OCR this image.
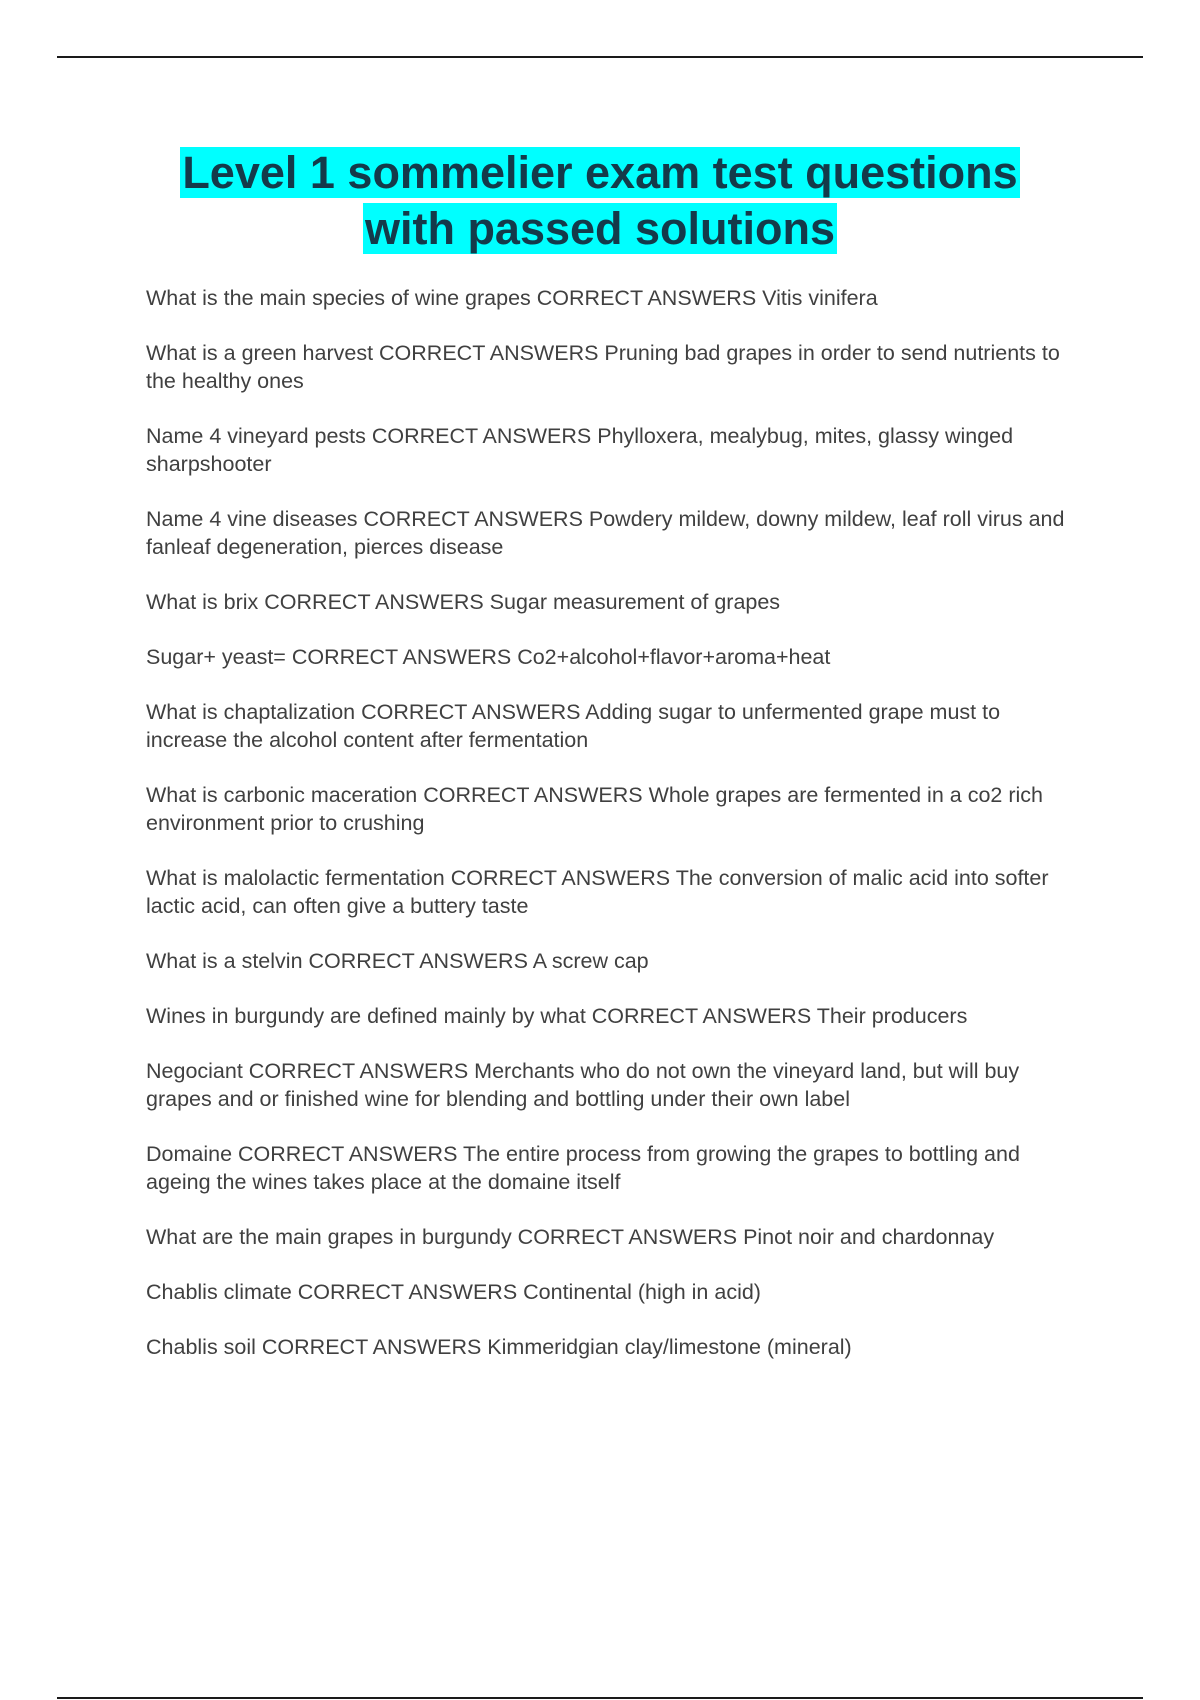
Level 1 sommelier exam test questions
with passed solutions
What is the main species of wine grapes CORRECT ANSWERS Vitis vinifera
What is a green harvest CORRECT ANSWERS Pruning bad grapes in order to send nutrients to the healthy ones
Name 4 vineyard pests CORRECT ANSWERS Phylloxera, mealybug, mites, glassy winged sharpshooter
Name 4 vine diseases CORRECT ANSWERS Powdery mildew, downy mildew, leaf roll virus and fanleaf degeneration, pierces disease
What is brix CORRECT ANSWERS Sugar measurement of grapes
Sugar+ yeast= CORRECT ANSWERS Co2+alcohol+flavor+aroma+heat
What is chaptalization CORRECT ANSWERS Adding sugar to unfermented grape must to increase the alcohol content after fermentation
What is carbonic maceration CORRECT ANSWERS Whole grapes are fermented in a co2 rich environment prior to crushing
What is malolactic fermentation CORRECT ANSWERS The conversion of malic acid into softer lactic acid, can often give a buttery taste
What is a stelvin CORRECT ANSWERS A screw cap
Wines in burgundy are defined mainly by what CORRECT ANSWERS Their producers
Negociant CORRECT ANSWERS Merchants who do not own the vineyard land, but will buy grapes and or finished wine for blending and bottling under their own label
Domaine CORRECT ANSWERS The entire process from growing the grapes to bottling and ageing the wines takes place at the domaine itself
What are the main grapes in burgundy CORRECT ANSWERS Pinot noir and chardonnay
Chablis climate CORRECT ANSWERS Continental (high in acid)
Chablis soil CORRECT ANSWERS Kimmeridgian clay/limestone (mineral)
